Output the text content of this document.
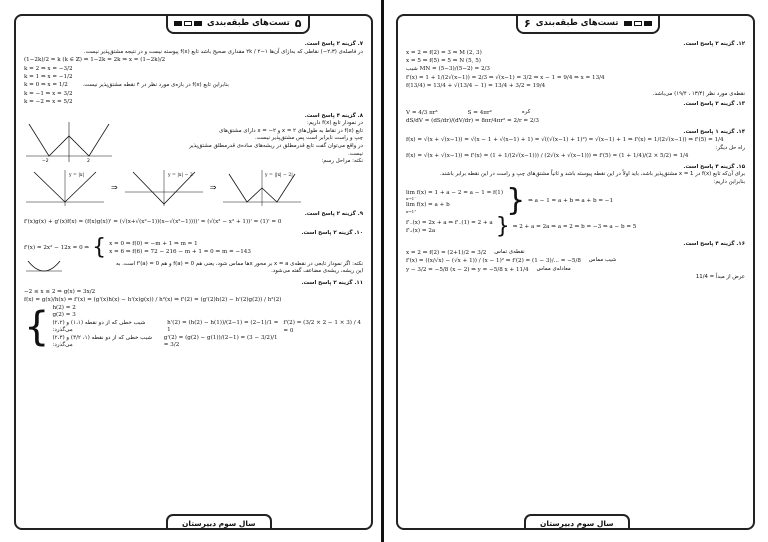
تست‌های طبقه‌بندی ۵
۷. گزینه ۲ پاسخ است.
در فاصله‌ی (۲،۳−) نقاطی که به‌ازای آن‌ها ۱−۲k / ۲ مقداری صحیح باشد تابع f(x) پیوسته نیست و در نتیجه مشتق‌پذیر نیست.
(1−2k)/2 = k (k ∈ ℤ) ⇒ 1−2k = 2k ⇒ x = (1−2k)/2
k = 2 ⇒ x = −3/2
k = 1 ⇒ x = −1/2
k = 0 ⇒ x = 1/2
k = −1 ⇒ x = 3/2
k = −2 ⇒ x = 5/2
بنابراین تابع f(x) در بازه‌ی مورد نظر در ۴ نقطه مشتق‌پذیر نیست.
۸. گزینه ۴ پاسخ است.
در نمودار تابع f(x) داریم:
تابع f(x) در نقاط به طول‌های x = ۲ و x = −۲ دارای مشتق‌های
چپ و راست نابرابر است پس مشتق‌پذیر نیست.
در واقع می‌توان گفت تابع قدرمطلق در ریشه‌های ساده‌ی قدرمطلق مشتق‌پذیر
نیست.
نکته: مراحل رسم:
−2	2
y = |x|
⇒
y = |x| − 2
⇒
y = ||x| − 2|
۹. گزینه ۲ پاسخ است.
f'(x)g(x) + g'(x)f(x) = (f(x)g(x))' = (√(x+√(x²−1))(x−√(x²−1))))' = (√(x² − x² + 1))' = (1)' = 0
۱۰. گزینه ۲ پاسخ است.
f'(x) = 2x² − 12x = 0 ⇒ { x = 0 ⇒ f(0) = −m + 1 ⇒ m = 1
x = 6 ⇒ f(6) = 72 − 216 − m + 1 = 0 ⇒ m = −143
نکته: اگر نمودار تابعی در نقطه‌ی x = a بر محور xها مماس شود، یعنی هم f(a) = 0 و هم f'(a) = 0 است. به
این ریشه، ریشه‌ی مضاعف گفته می‌شود.
۱۱. گزینه ۲ پاسخ است.
−2 ≤ x ≤ 2 ⇒ g(x) = 3x/2
f(x) = g(x)/h(x) ⇒ f'(x) = (g'(x)h(x) − h'(x)g(x)) / h²(x) ⇒ f'(2) = (g'(2)h(2) − h'(2)g(2)) / h²(2)
{ h(2) = 2
g(2) = 3
شیب خطی که از دو نقطه (۱،۱) و (۲،۲) می‌گذرد:
h'(2) = (h(2) − h(1))/(2−1) = (2−1)/1 = 1
شیب خطی که از دو نقطه (۱، ۳/۲) و (۲،۳) می‌گذرد:
g'(2) = (g(2) − g(1))/(2−1) = (3 − 3/2)/1 = 3/2
f'(2) = (3/2 × 2 − 1 × 3) / 4 = 0
سال سوم دبیرستان
۶ تست‌های طبقه‌بندی
۱۲. گزینه ۲ پاسخ است.
x = 2 ⇒ f(2) = 3 ⇒ M (2, 3)
x = 5 ⇒ f(5) = 5 ⇒ N (5, 5)
شیب MN = (5−3)/(5−2) = 2/3
f'(x) = 1 + 1/(2√(x−1)) = 2/3 ⇒ √(x−1) = 3/2 ⇒ x − 1 = 9/4 ⇒ x = 13/4
f(13/4) = 13/4 + √(13/4 − 1) = 13/4 + 3/2 = 19/4
نقطه‌ی مورد نظر (۱۳/۴ ، ۱۹/۴) می‌باشد.
۱۳. گزینه ۲ پاسخ است.
V = 4/3 πr³	S = 4πr²	کره
dS/dV = (dS/dr)/(dV/dr) = 8πr/4πr² = 2/r = 2/3
۱۴. گزینه ۱ پاسخ است.
f(x) = √(x + √(x−1)) = √(x − 1 + √(x−1) + 1) = √((√(x−1) + 1)²) = √(x−1) + 1 ⇒ f'(x) = 1/(2√(x−1)) ⇒ f'(5) = 1/4
راه حل دیگر:
f(x) = √(x + √(x−1)) ⇒ f'(x) = (1 + 1/(2√(x−1))) / (2√(x + √(x−1))) ⇒ f'(5) = (1 + 1/4)/(2 × 5/2) = 1/4
۱۵. گزینه ۴ پاسخ است.
برای آن‌که تابع f(x) در x = 1 مشتق‌پذیر باشد، باید اولاً در این نقطه پیوسته باشد و ثانیاً مشتق‌های چپ و راست در این نقطه برابر باشند.
بنابراین داریم:
lim f(x) = 1 + a − 2 = a − 1 = f(1)
x→1⁻
lim f(x) = a + b
x→1⁺	} ⇒ a − 1 = a + b ⇒ a + b = −1
f'₋(x) = 2x + a ⇒ f'₋(1) = 2 + a
f'₊(x) = 2a	} ⇒ 2 + a = 2a ⇒ a = 2 ⇒ b = −3 ⇒ a − b = 5
۱۶. گزینه ۴ پاسخ است.
x = 2 ⇒ f(2) = (2+1)/2 = 3/2 نقطه‌ی تماس
f'(x) = ((x/√x) − (√x + 1)) / (x − 1)² ⇒ f'(2) = (1 − 3)/... = −5/8 شیب مماس
y − 3/2 = −5/8 (x − 2) ⇒ y = −5/8 x + 11/4 معادله‌ی مماس
عرض از مبدأ = 11/4
سال سوم دبیرستان
